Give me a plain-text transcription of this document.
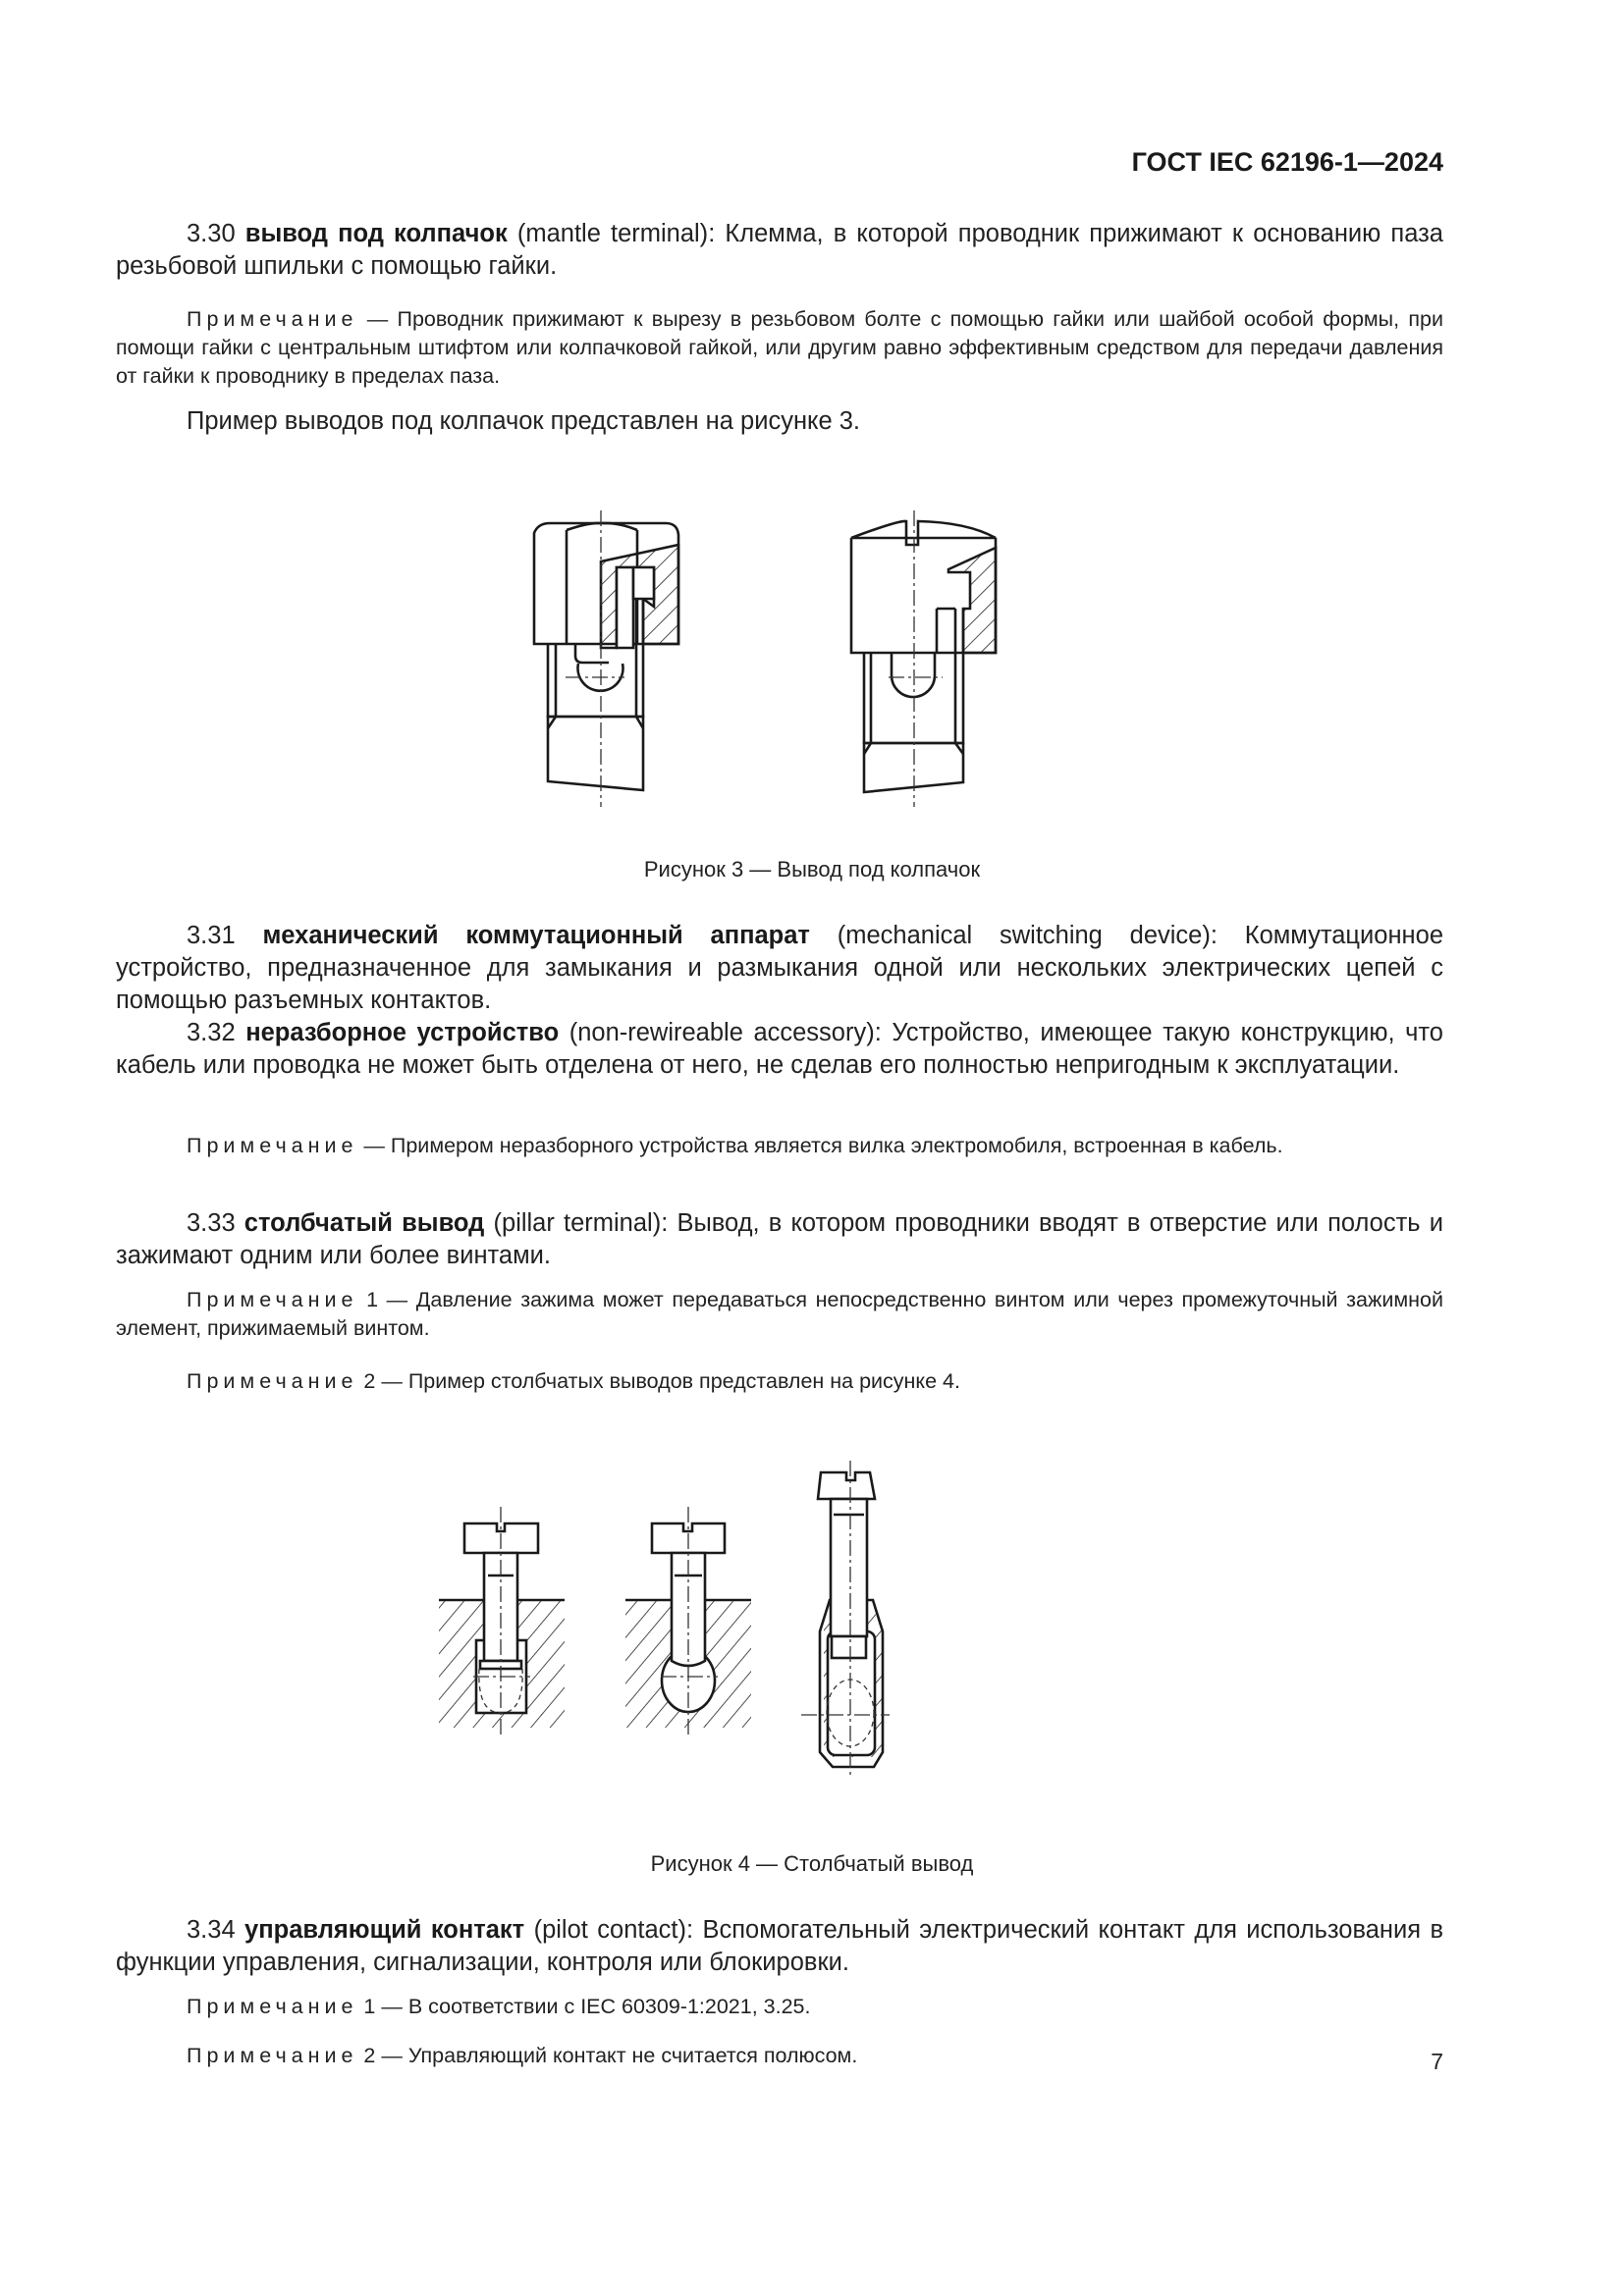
ГОСТ IEC 62196-1—2024

3.30 вывод под колпачок (mantle terminal): Клемма, в которой проводник прижимают к основанию паза резьбовой шпильки с помощью гайки.

Примечание — Проводник прижимают к вырезу в резьбовом болте с помощью гайки или шайбой особой формы, при помощи гайки с центральным штифтом или колпачковой гайкой, или другим равно эффективным средством для передачи давления от гайки к проводнику в пределах паза.

Пример выводов под колпачок представлен на рисунке 3.

Рисунок 3 — Вывод под колпачок

3.31 механический коммутационный аппарат (mechanical switching device): Коммутационное устройство, предназначенное для замыкания и размыкания одной или нескольких электрических цепей с помощью разъемных контактов.

3.32 неразборное устройство (non-rewireable accessory): Устройство, имеющее такую конструкцию, что кабель или проводка не может быть отделена от него, не сделав его полностью непригодным к эксплуатации.

Примечание — Примером неразборного устройства является вилка электромобиля, встроенная в кабель.

3.33 столбчатый вывод (pillar terminal): Вывод, в котором проводники вводят в отверстие или полость и зажимают одним или более винтами.

Примечание 1 — Давление зажима может передаваться непосредственно винтом или через промежуточный зажимной элемент, прижимаемый винтом.

Примечание 2 — Пример столбчатых выводов представлен на рисунке 4.

Рисунок 4 — Столбчатый вывод

3.34 управляющий контакт (pilot contact): Вспомогательный электрический контакт для использования в функции управления, сигнализации, контроля или блокировки.

Примечание 1 — В соответствии с IEC 60309-1:2021, 3.25.

Примечание 2 — Управляющий контакт не считается полюсом.	7
